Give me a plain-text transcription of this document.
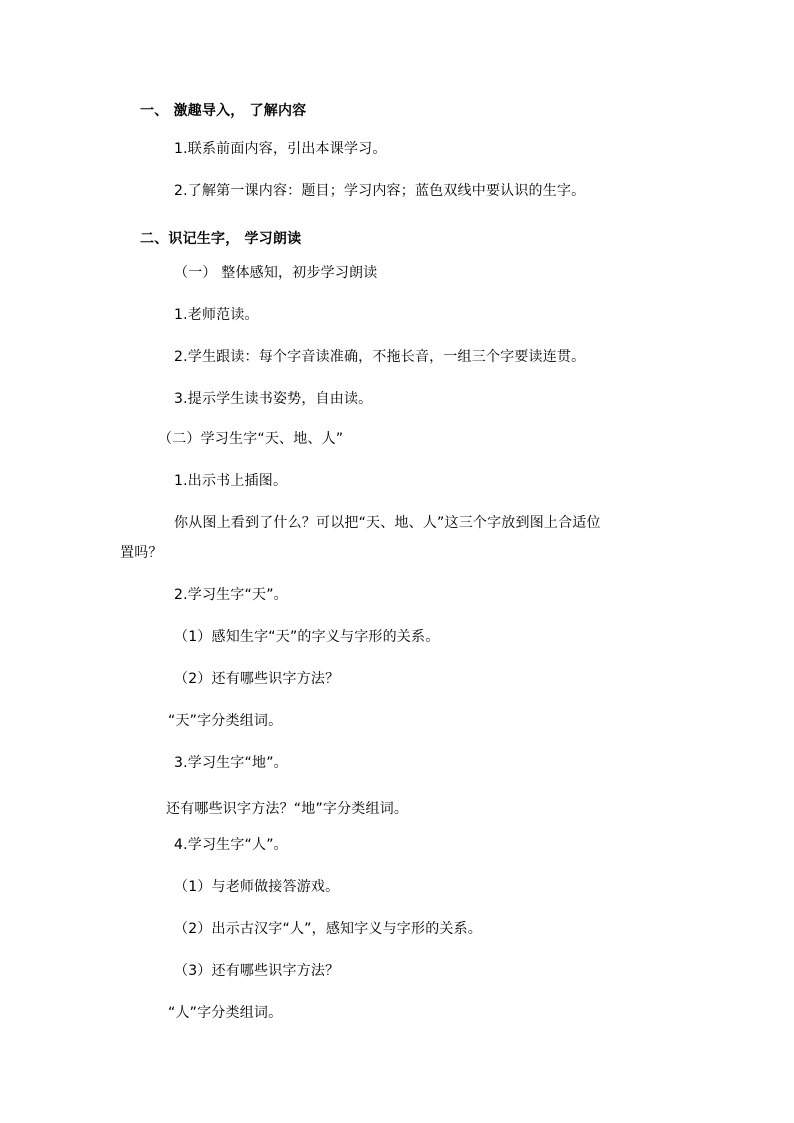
一、 激趣导入， 了解内容
1.联系前面内容，引出本课学习。
2.了解第一课内容：题目；学习内容；蓝色双线中要认识的生字。
二、识记生字， 学习朗读
（一） 整体感知，初步学习朗读
1.老师范读。
2.学生跟读：每个字音读准确，不拖长音，一组三个字要读连贯。
3.提示学生读书姿势，自由读。
（二）学习生字“天、地、人”
1.出示书上插图。
你从图上看到了什么？可以把“天、地、人”这三个字放到图上合适位
置吗？
2.学习生字“天”。
（1）感知生字“天”的字义与字形的关系。
（2）还有哪些识字方法？
“天”字分类组词。
3.学习生字“地”。
还有哪些识字方法？“地”字分类组词。
4.学习生字“人”。
（1）与老师做接答游戏。
（2）出示古汉字“人”，感知字义与字形的关系。
（3）还有哪些识字方法？
“人”字分类组词。
